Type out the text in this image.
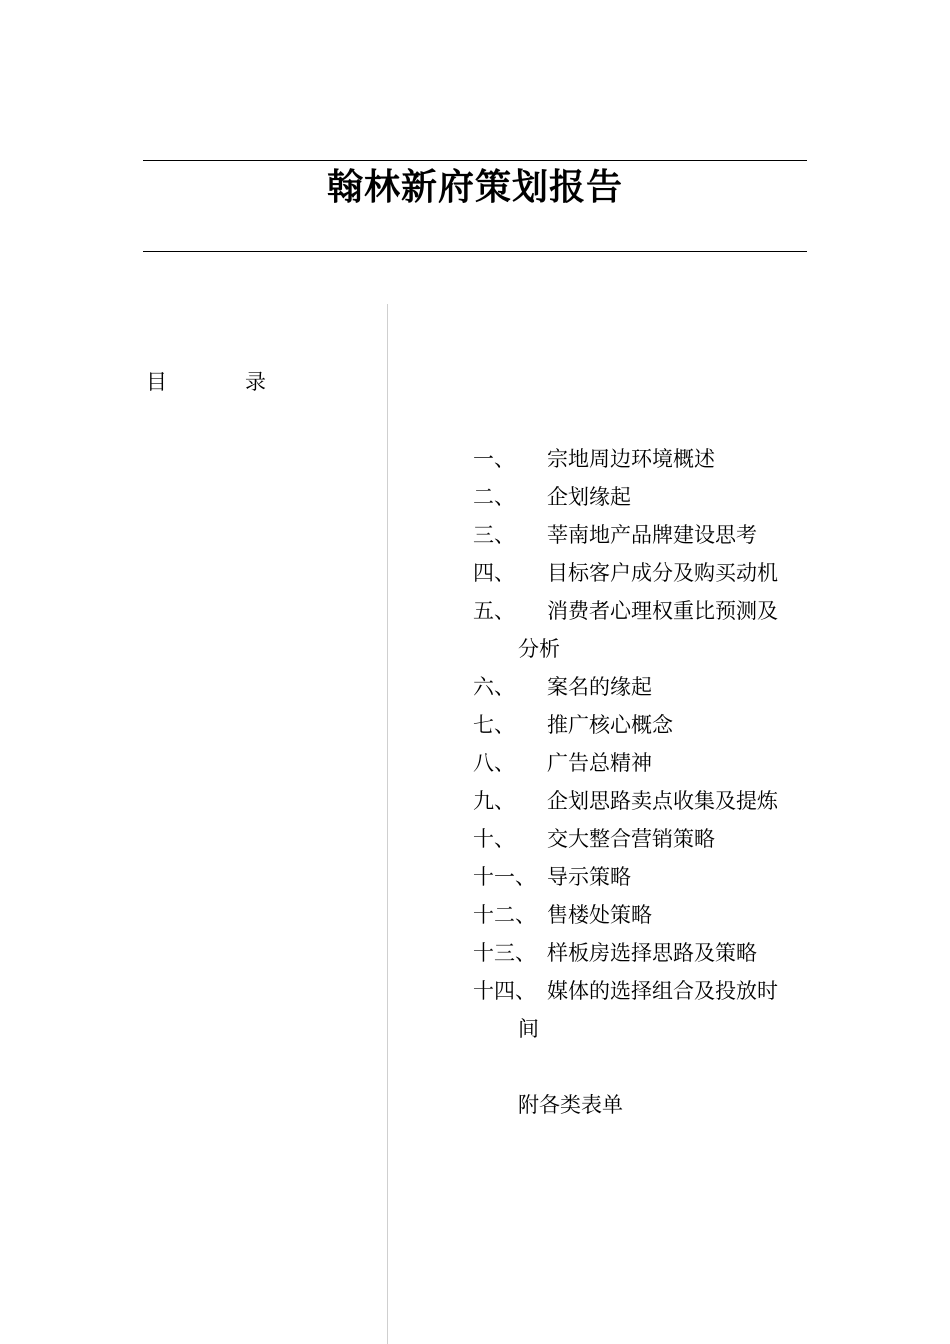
翰林新府策划报告
目	录
一、	宗地周边环境概述
二、	企划缘起
三、	莘南地产品牌建设思考
四、	目标客户成分及购买动机
五、	消费者心理权重比预测及
分析
六、	案名的缘起
七、	推广核心概念
八、	广告总精神
九、	企划思路卖点收集及提炼
十、	交大整合营销策略
十一、 导示策略
十二、 售楼处策略
十三、 样板房选择思路及策略
十四、 媒体的选择组合及投放时
间
附各类表单
